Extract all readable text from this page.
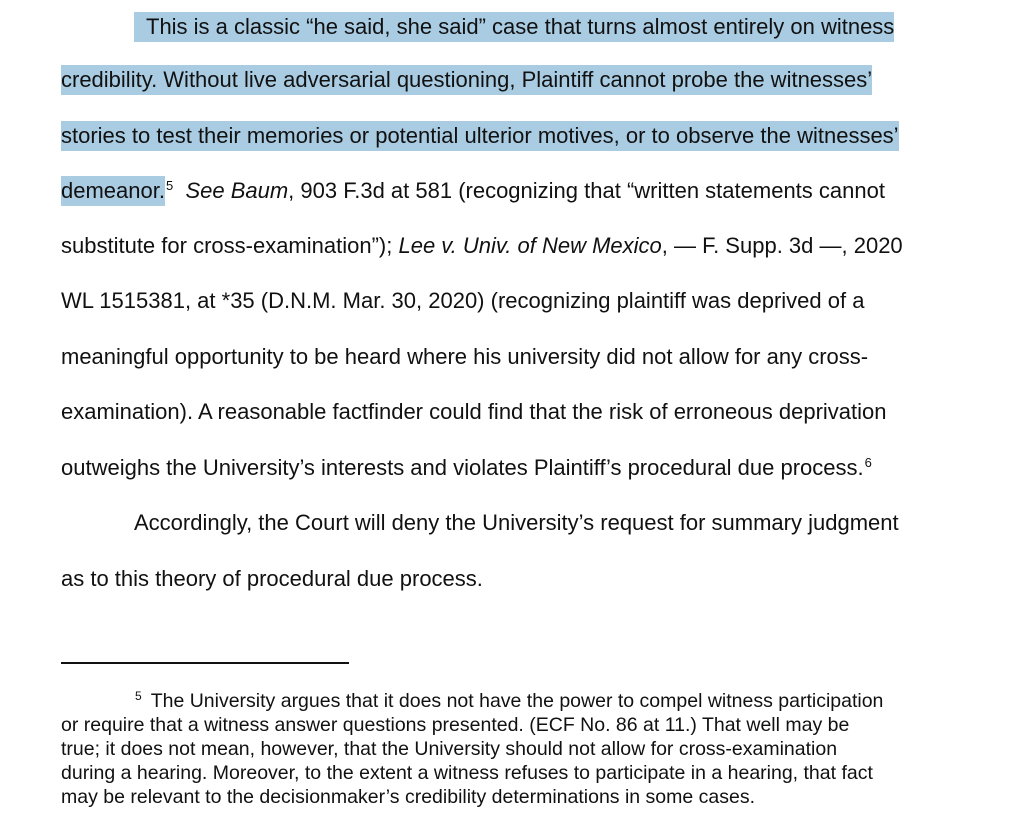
This is a classic “he said, she said” case that turns almost entirely on witness
credibility. Without live adversarial questioning, Plaintiff cannot probe the witnesses’
stories to test their memories or potential ulterior motives, or to observe the witnesses’
demeanor.$^5$ See Baum, 903 F.3d at 581 (recognizing that “written statements cannot
substitute for cross-examination”); Lee v. Univ. of New Mexico, — F. Supp. 3d —, 2020
WL 1515381, at *35 (D.N.M. Mar. 30, 2020) (recognizing plaintiff was deprived of a
meaningful opportunity to be heard where his university did not allow for any cross-
examination). A reasonable factfinder could find that the risk of erroneous deprivation
outweighs the University’s interests and violates Plaintiff’s procedural due process.$^6$
Accordingly, the Court will deny the University’s request for summary judgment
as to this theory of procedural due process.
$^5$ The University argues that it does not have the power to compel witness participation
or require that a witness answer questions presented. (ECF No. 86 at 11.) That well may be
true; it does not mean, however, that the University should not allow for cross-examination
during a hearing. Moreover, to the extent a witness refuses to participate in a hearing, that fact
may be relevant to the decisionmaker’s credibility determinations in some cases.
